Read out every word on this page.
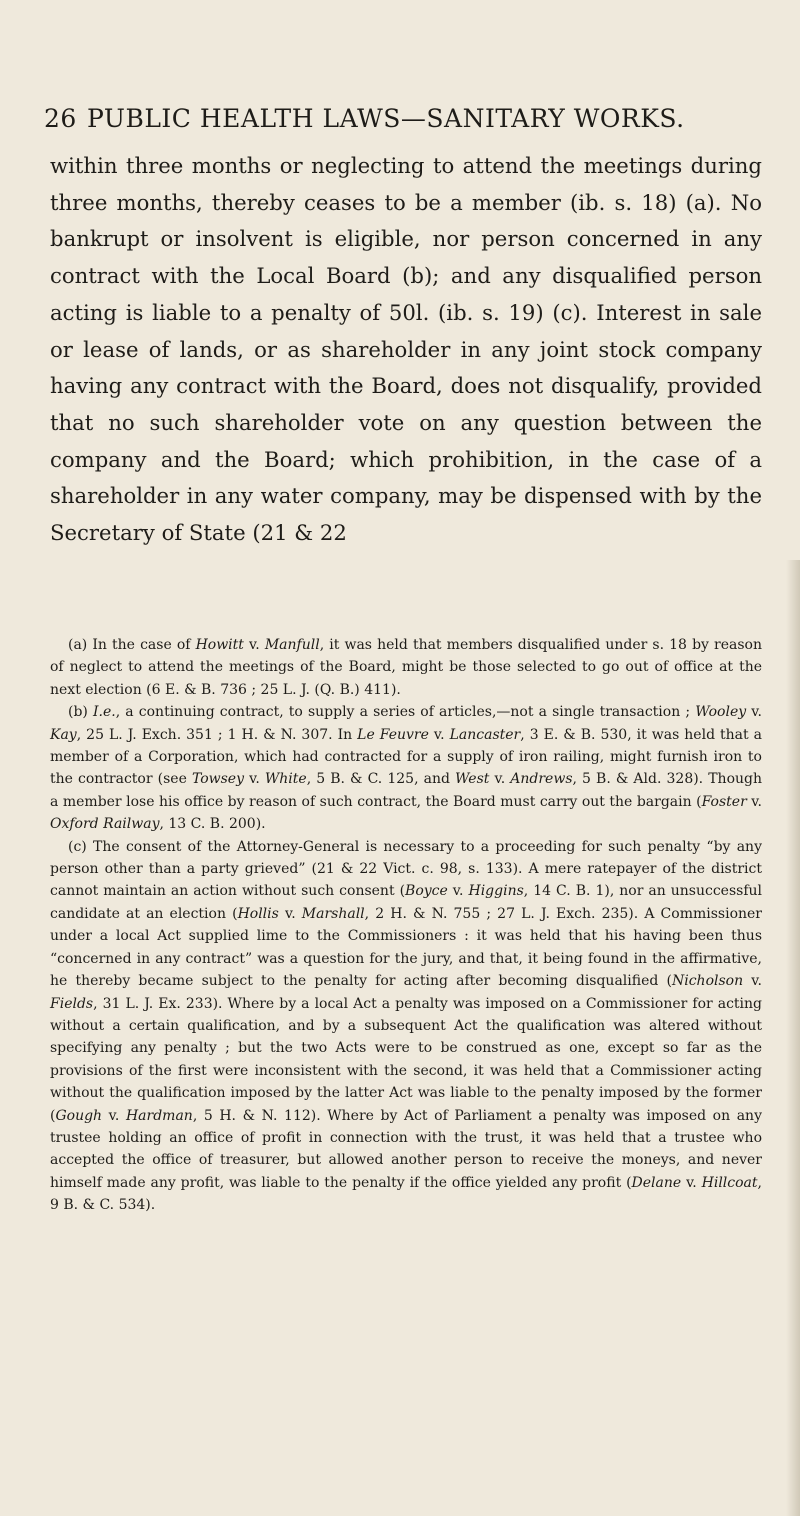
26 PUBLIC HEALTH LAWS—SANITARY WORKS.

within three months or neglecting to attend the meetings during three months, thereby ceases to be a member (ib. s. 18) (a). No bankrupt or insolvent is eligible, nor person concerned in any contract with the Local Board (b); and any disqualified person acting is liable to a penalty of 50l. (ib. s. 19) (c). Interest in sale or lease of lands, or as shareholder in any joint stock company having any contract with the Board, does not disqualify, provided that no such shareholder vote on any question between the company and the Board; which prohibition, in the case of a shareholder in any water company, may be dispensed with by the Secretary of State (21 & 22

(a) In the case of Howitt v. Manfull, it was held that members disqualified under s. 18 by reason of neglect to attend the meetings of the Board, might be those selected to go out of office at the next election (6 E. & B. 736 ; 25 L. J. (Q. B.) 411).

(b) I.e., a continuing contract, to supply a series of articles,—not a single transaction ; Wooley v. Kay, 25 L. J. Exch. 351 ; 1 H. & N. 307. In Le Feuvre v. Lancaster, 3 E. & B. 530, it was held that a member of a Corporation, which had contracted for a supply of iron railing, might furnish iron to the contractor (see Towsey v. White, 5 B. & C. 125, and West v. Andrews, 5 B. & Ald. 328). Though a member lose his office by reason of such contract, the Board must carry out the bargain (Foster v. Oxford Railway, 13 C. B. 200).

(c) The consent of the Attorney-General is necessary to a proceeding for such penalty “by any person other than a party grieved” (21 & 22 Vict. c. 98, s. 133). A mere ratepayer of the district cannot maintain an action without such consent (Boyce v. Higgins, 14 C. B. 1), nor an unsuccessful candidate at an election (Hollis v. Marshall, 2 H. & N. 755 ; 27 L. J. Exch. 235). A Commissioner under a local Act supplied lime to the Commissioners : it was held that his having been thus “concerned in any contract” was a question for the jury, and that, it being found in the affirmative, he thereby became subject to the penalty for acting after becoming disqualified (Nicholson v. Fields, 31 L. J. Ex. 233). Where by a local Act a penalty was imposed on a Commissioner for acting without a certain qualification, and by a subsequent Act the qualification was altered without specifying any penalty ; but the two Acts were to be construed as one, except so far as the provisions of the first were inconsistent with the second, it was held that a Commissioner acting without the qualification imposed by the latter Act was liable to the penalty imposed by the former (Gough v. Hardman, 5 H. & N. 112). Where by Act of Parliament a penalty was imposed on any trustee holding an office of profit in connection with the trust, it was held that a trustee who accepted the office of treasurer, but allowed another person to receive the moneys, and never himself made any profit, was liable to the penalty if the office yielded any profit (Delane v. Hillcoat, 9 B. & C. 534).
